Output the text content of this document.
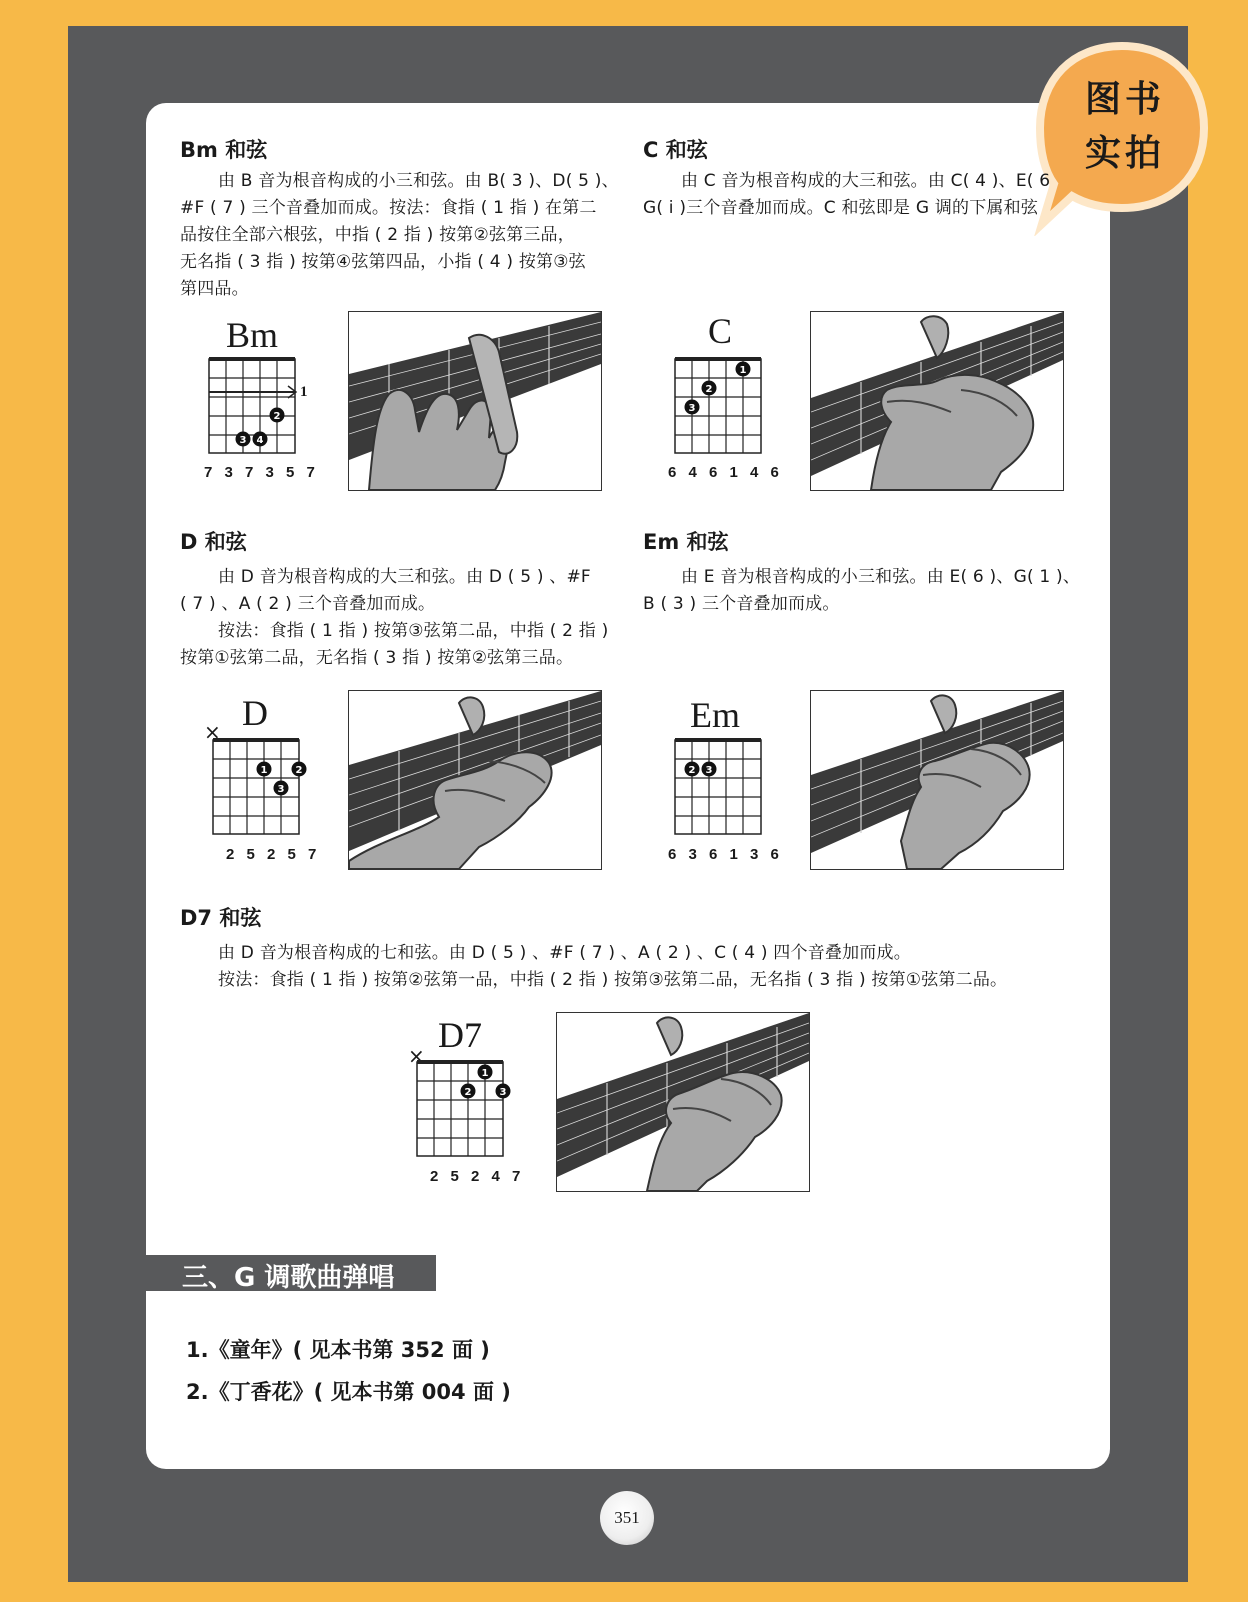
图书
实拍
Bm 和弦
由 B 音为根音构成的小三和弦。由 B( 3 )、D( 5 )、
#F ( 7 ) 三个音叠加而成。按法：食指 ( 1 指 ) 在第二
品按住全部六根弦，中指 ( 2 指 ) 按第②弦第三品，
无名指 ( 3 指 ) 按第④弦第四品，小指 ( 4 ) 按第③弦
第四品。
Bm
2
3 4
1
7 3 7 3 5 7
C 和弦
由 C 音为根音构成的大三和弦。由 C( 4 )、E( 6
G( i )三个音叠加而成。C 和弦即是 G 调的下属和弦
C
1
2
3
6 4 6 1 4 6
D 和弦
由 D 音为根音构成的大三和弦。由 D ( 5 ) 、#F
( 7 ) 、A ( 2 ) 三个音叠加而成。
按法：食指 ( 1 指 ) 按第③弦第二品，中指 ( 2 指 )
按第①弦第二品，无名指 ( 3 指 ) 按第②弦第三品。
D
×
1	2
3
2 5 2 5 7
Em 和弦
由 E 音为根音构成的小三和弦。由 E( 6 )、G( 1 )、
B ( 3 ) 三个音叠加而成。
Em
2 3
6 3 6 1 3 6
D7 和弦
由 D 音为根音构成的七和弦。由 D ( 5 ) 、#F ( 7 ) 、A ( 2 ) 、C ( 4 ) 四个音叠加而成。
按法：食指 ( 1 指 ) 按第②弦第一品，中指 ( 2 指 ) 按第③弦第二品，无名指 ( 3 指 ) 按第①弦第二品。
D7
×
1
2	3
2 5 2 4 7
三、G 调歌曲弹唱
1.《童年》( 见本书第 352 面 )
2.《丁香花》( 见本书第 004 面 )
351
